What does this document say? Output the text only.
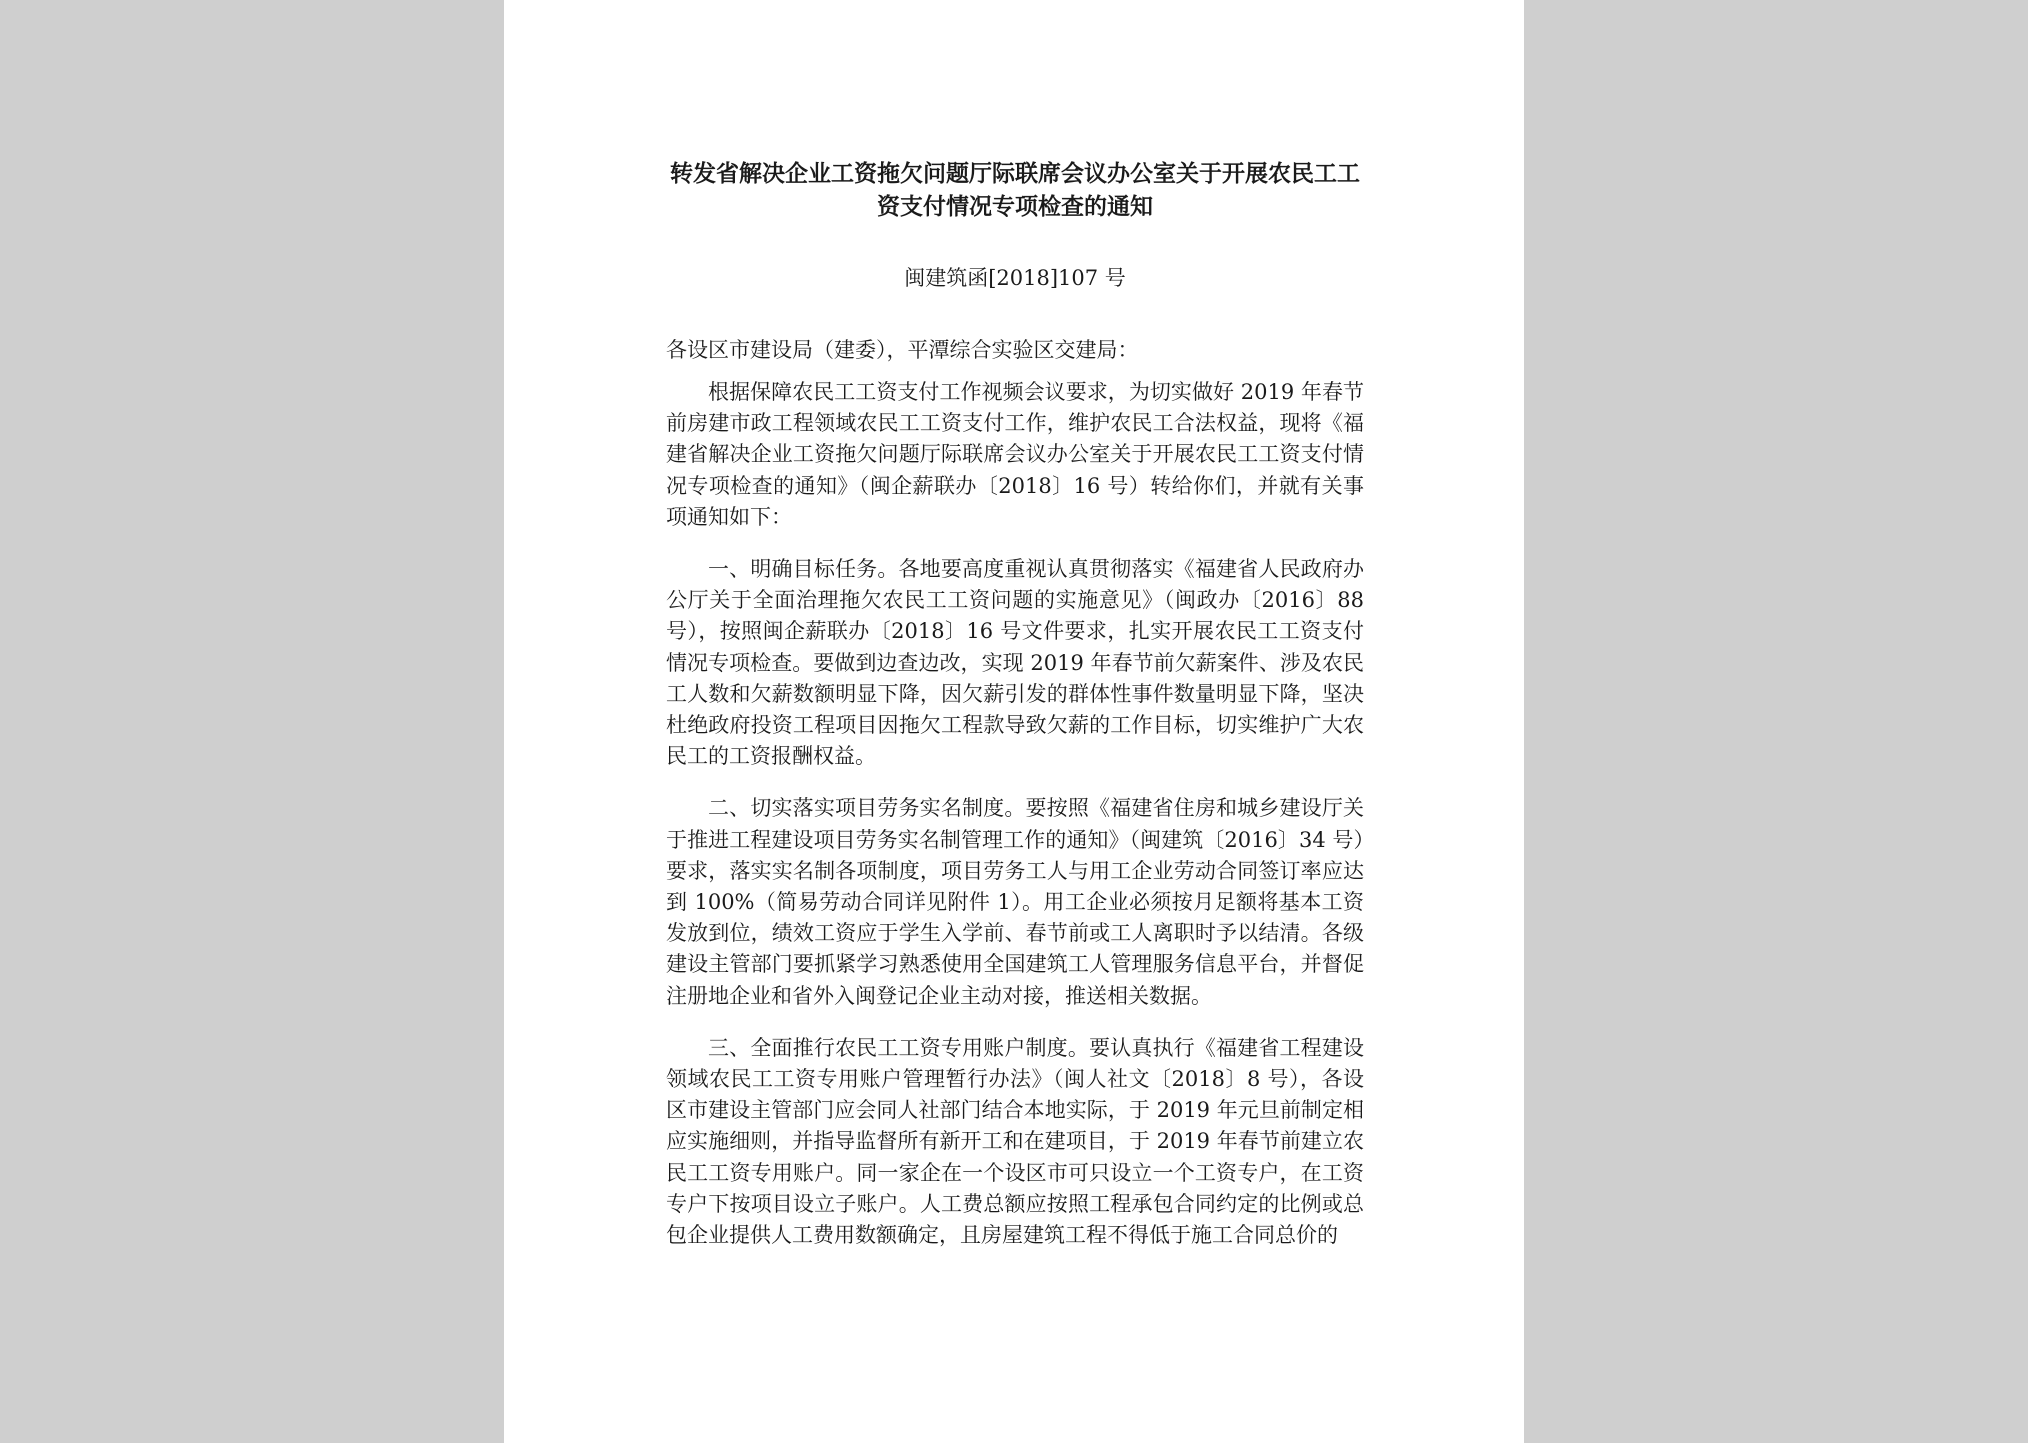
转发省解决企业工资拖欠问题厅际联席会议办公室关于开展农民工工资支付情况专项检查的通知
闽建筑函[2018]107 号
各设区市建设局（建委），平潭综合实验区交建局：

根据保障农民工工资支付工作视频会议要求，为切实做好 2019 年春节前房建市政工程领域农民工工资支付工作，维护农民工合法权益，现将《福建省解决企业工资拖欠问题厅际联席会议办公室关于开展农民工工资支付情况专项检查的通知》（闽企薪联办〔2018〕16 号）转给你们，并就有关事项通知如下：

一、明确目标任务。各地要高度重视认真贯彻落实《福建省人民政府办公厅关于全面治理拖欠农民工工资问题的实施意见》（闽政办〔2016〕88 号），按照闽企薪联办〔2018〕16 号文件要求，扎实开展农民工工资支付情况专项检查。要做到边查边改，实现 2019 年春节前欠薪案件、涉及农民工人数和欠薪数额明显下降，因欠薪引发的群体性事件数量明显下降，坚决杜绝政府投资工程项目因拖欠工程款导致欠薪的工作目标，切实维护广大农民工的工资报酬权益。

二、切实落实项目劳务实名制度。要按照《福建省住房和城乡建设厅关于推进工程建设项目劳务实名制管理工作的通知》（闽建筑〔2016〕34 号）要求，落实实名制各项制度，项目劳务工人与用工企业劳动合同签订率应达到 100%（简易劳动合同详见附件 1）。用工企业必须按月足额将基本工资发放到位，绩效工资应于学生入学前、春节前或工人离职时予以结清。各级建设主管部门要抓紧学习熟悉使用全国建筑工人管理服务信息平台，并督促注册地企业和省外入闽登记企业主动对接，推送相关数据。

三、全面推行农民工工资专用账户制度。要认真执行《福建省工程建设领域农民工工资专用账户管理暂行办法》（闽人社文〔2018〕8 号），各设区市建设主管部门应会同人社部门结合本地实际，于 2019 年元旦前制定相应实施细则，并指导监督所有新开工和在建项目，于 2019 年春节前建立农民工工资专用账户。同一家企在一个设区市可只设立一个工资专户，在工资专户下按项目设立子账户。人工费总额应按照工程承包合同约定的比例或总包企业提供人工费用数额确定，且房屋建筑工程不得低于施工合同总价的
